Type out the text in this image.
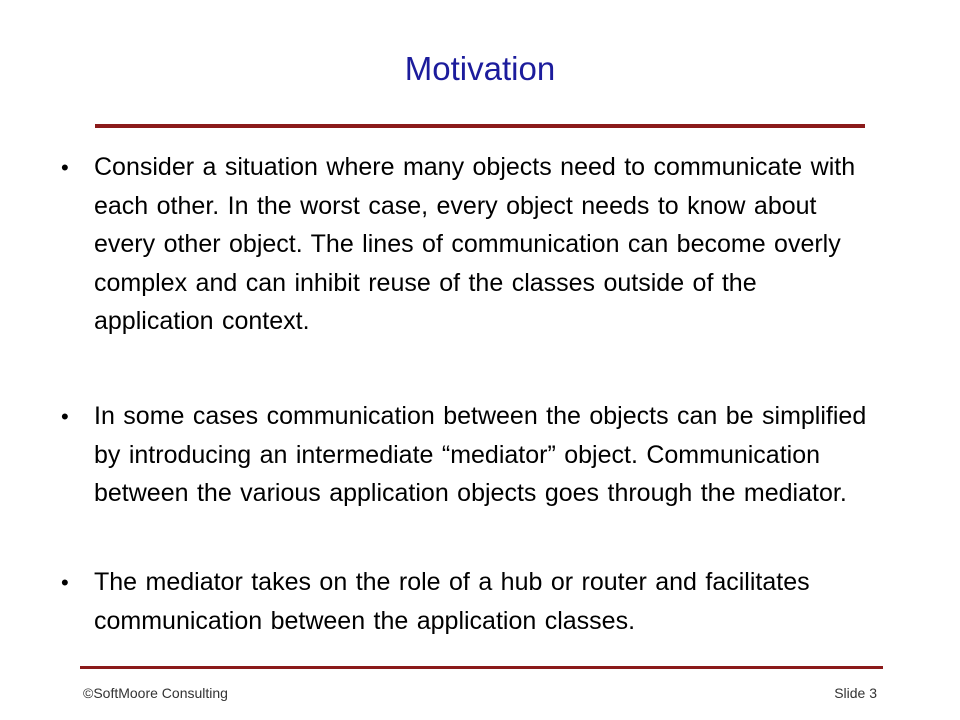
Motivation
• Consider a situation where many objects need to communicate with each other. In the worst case, every object needs to know about every other object. The lines of communication can become overly complex and can inhibit reuse of the classes outside of the application context.
• In some cases communication between the objects can be simplified by introducing an intermediate “mediator” object. Communication between the various application objects goes through the mediator.
• The mediator takes on the role of a hub or router and facilitates communication between the application classes.
©SoftMoore Consulting	Slide 3
